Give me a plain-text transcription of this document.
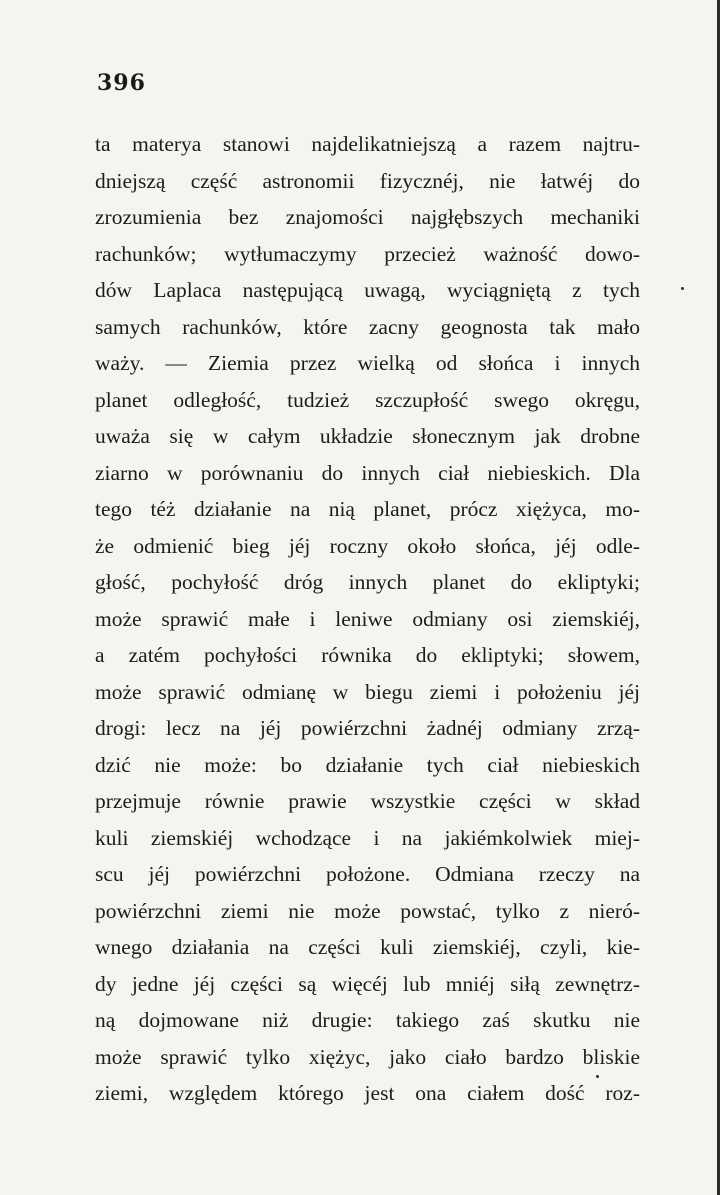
396
ta materya stanowi najdelikatniejszą a razem najtru-
dniejszą część astronomii fizycznéj, nie łatwéj do
zrozumienia bez znajomości najgłębszych mechaniki
rachunków; wytłumaczymy przecież ważność dowo-
dów Laplaca następującą uwagą, wyciągniętą z tych
samych rachunków, które zacny geognosta tak mało
waży. — Ziemia przez wielką od słońca i innych
planet odległość, tudzież szczupłość swego okręgu,
uważa się w całym układzie słonecznym jak drobne
ziarno w porównaniu do innych ciał niebieskich. Dla
tego téż działanie na nią planet, prócz xiężyca, mo-
że odmienić bieg jéj roczny około słońca, jéj odle-
głość, pochyłość dróg innych planet do ekliptyki;
może sprawić małe i leniwe odmiany osi ziemskiéj,
a zatém pochyłości równika do ekliptyki; słowem,
może sprawić odmianę w biegu ziemi i położeniu jéj
drogi: lecz na jéj powiérzchni żadnéj odmiany zrzą-
dzić nie może: bo działanie tych ciał niebieskich
przejmuje równie prawie wszystkie części w skład
kuli ziemskiéj wchodzące i na jakiémkolwiek miej-
scu jéj powiérzchni położone. Odmiana rzeczy na
powiérzchni ziemi nie może powstać, tylko z nieró-
wnego działania na części kuli ziemskiéj, czyli, kie-
dy jedne jéj części są więcéj lub mniéj siłą zewnętrz-
ną dojmowane niż drugie: takiego zaś skutku nie
może sprawić tylko xiężyc, jako ciało bardzo bliskie
ziemi, względem którego jest ona ciałem dość roz-
